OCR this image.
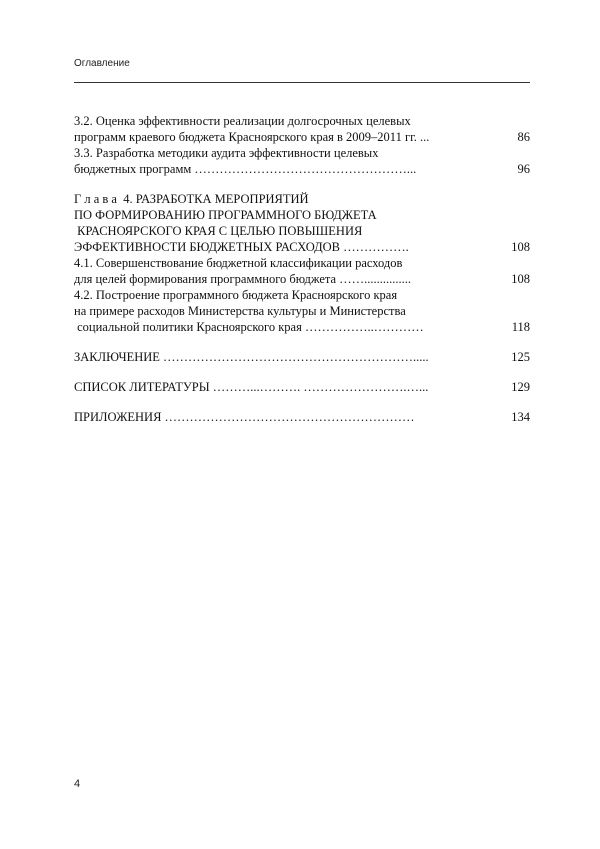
Оглавление
3.2. Оценка эффективности реализации долгосрочных целевых
программ краевого бюджета Красноярского края в 2009–2011 гг. ...	86
3.3. Разработка методики аудита эффективности целевых
бюджетных программ ……………………………………………...	96
Г л а в а  4. РАЗРАБОТКА МЕРОПРИЯТИЙ
ПО ФОРМИРОВАНИЮ ПРОГРАММНОГО БЮДЖЕТА
КРАСНОЯРСКОГО КРАЯ С ЦЕЛЬЮ ПОВЫШЕНИЯ
ЭФФЕКТИВНОСТИ БЮДЖЕТНЫХ РАСХОДОВ …………….	108
4.1. Совершенствование бюджетной классификации расходов
для целей формирования программного бюджета ……...............	108
4.2. Построение программного бюджета Красноярского края
на примере расходов Министерства культуры и Министерства
социальной политики Красноярского края ……………..…………	118
ЗАКЛЮЧЕНИЕ …………………………………………………….....	125
СПИСОК ЛИТЕРАТУРЫ ………...………. …………………….…...	129
ПРИЛОЖЕНИЯ ……………………………………………………	134
4
